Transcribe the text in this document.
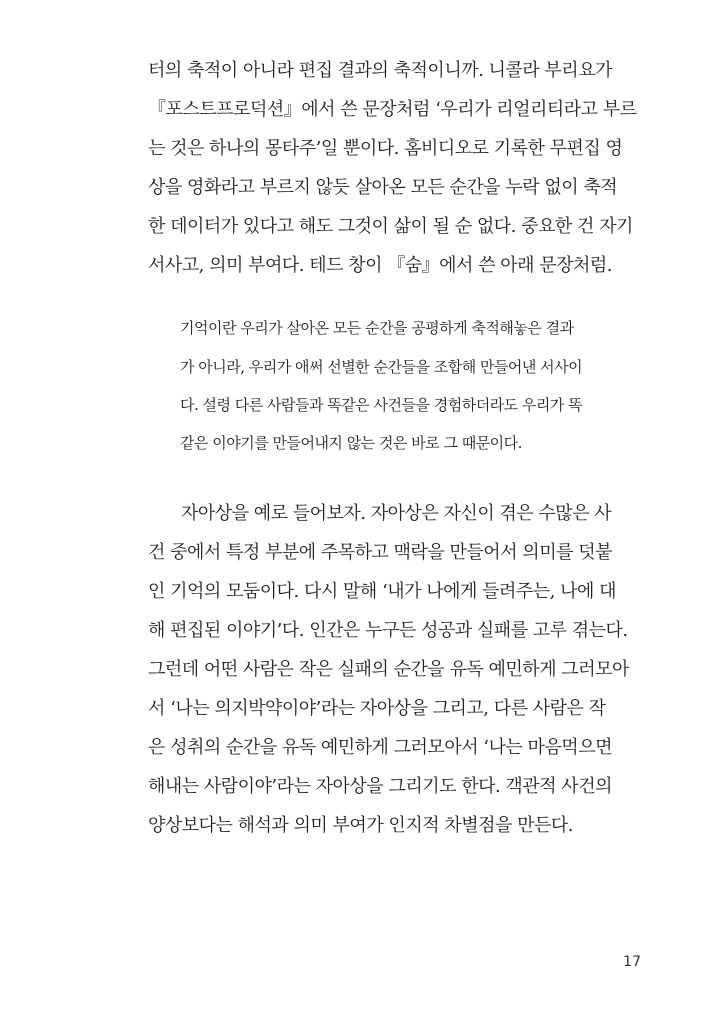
터의 축적이 아니라 편집 결과의 축적이니까. 니콜라 부리요가
『포스트프로덕션』에서 쓴 문장처럼 ‘우리가 리얼리티라고 부르
는 것은 하나의 몽타주’일 뿐이다. 홈비디오로 기록한 무편집 영
상을 영화라고 부르지 않듯 살아온 모든 순간을 누락 없이 축적
한 데이터가 있다고 해도 그것이 삶이 될 순 없다. 중요한 건 자기
서사고, 의미 부여다. 테드 창이 『숨』에서 쓴 아래 문장처럼.
기억이란 우리가 살아온 모든 순간을 공평하게 축적해놓은 결과
가 아니라, 우리가 애써 선별한 순간들을 조합해 만들어낸 서사이
다. 설령 다른 사람들과 똑같은 사건들을 경험하더라도 우리가 똑
같은 이야기를 만들어내지 않는 것은 바로 그 때문이다.
자아상을 예로 들어보자. 자아상은 자신이 겪은 수많은 사
건 중에서 특정 부분에 주목하고 맥락을 만들어서 의미를 덧붙
인 기억의 모둠이다. 다시 말해 ‘내가 나에게 들려주는, 나에 대
해 편집된 이야기’다. 인간은 누구든 성공과 실패를 고루 겪는다.
그런데 어떤 사람은 작은 실패의 순간을 유독 예민하게 그러모아
서 ‘나는 의지박약이야’라는 자아상을 그리고, 다른 사람은 작
은 성취의 순간을 유독 예민하게 그러모아서 ‘나는 마음먹으면
해내는 사람이야’라는 자아상을 그리기도 한다. 객관적 사건의
양상보다는 해석과 의미 부여가 인지적 차별점을 만든다.
17
